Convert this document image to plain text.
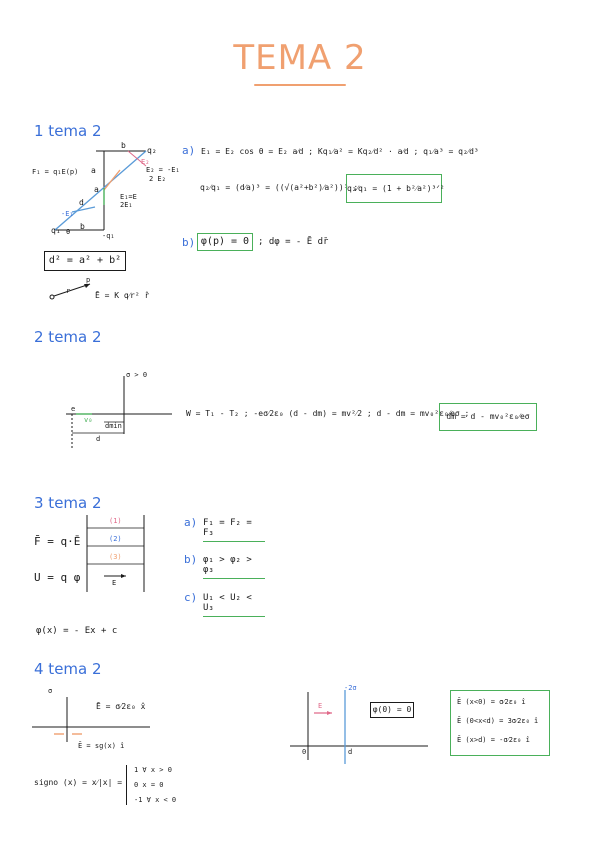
TEMA 2
1 tema 2
F₁ = q₁E(p) a
b
q₂
q₁
-q₁
E₂
E₂ = -E₁
2 E₂
E₁=E
2E₁
d
a
b
-E₁
θ
p
r
d² = a² + b²
Ē = K q⁄r² r̂
a) E₁ = E₂ cos θ = E₂ a⁄d ; Kq₁⁄a² = Kq₂⁄d² · a⁄d ; q₁⁄a³ = q₂⁄d³
q₂⁄q₁ = (d⁄a)³ = ((√(a²+b²)⁄a²))³ ;
q₂⁄q₁ = (1 + b²⁄a²)³ᐟ²
b) φ(p) = 0 ; dφ = - Ē dr̄
2 tema 2
σ > 0
e
v₀
dmin
d
W = T₁ - T₂ ; -eσ⁄2ε₀ (d - dm) = mv²⁄2 ; d - dm = mv₀²ε₀⁄eσ ;
dm = d - mv₀²ε₀⁄eσ
3 tema 2
(1)
(2)
(3)
E
F̄ = q·Ē
U = q φ
a) F₁ = F₂ = F₃
b) φ₁ > φ₂ > φ₃
c) U₁ < U₂ < U₃
φ(x) = - Ex + c
4 tema 2
σ
Ē = σ⁄2ε₀ x̂
Ē = sg(x) î
signo (x) = x⁄|x| =
1 ∀ x > 0
0 x = 0
-1 ∀ x < 0
-2σ
E	φ(0) = 0
d
0
Ē (x<0) = σ⁄2ε₀ î
Ē (0<x<d) = 3σ⁄2ε₀ î
Ē (x>d) = -σ⁄2ε₀ î
